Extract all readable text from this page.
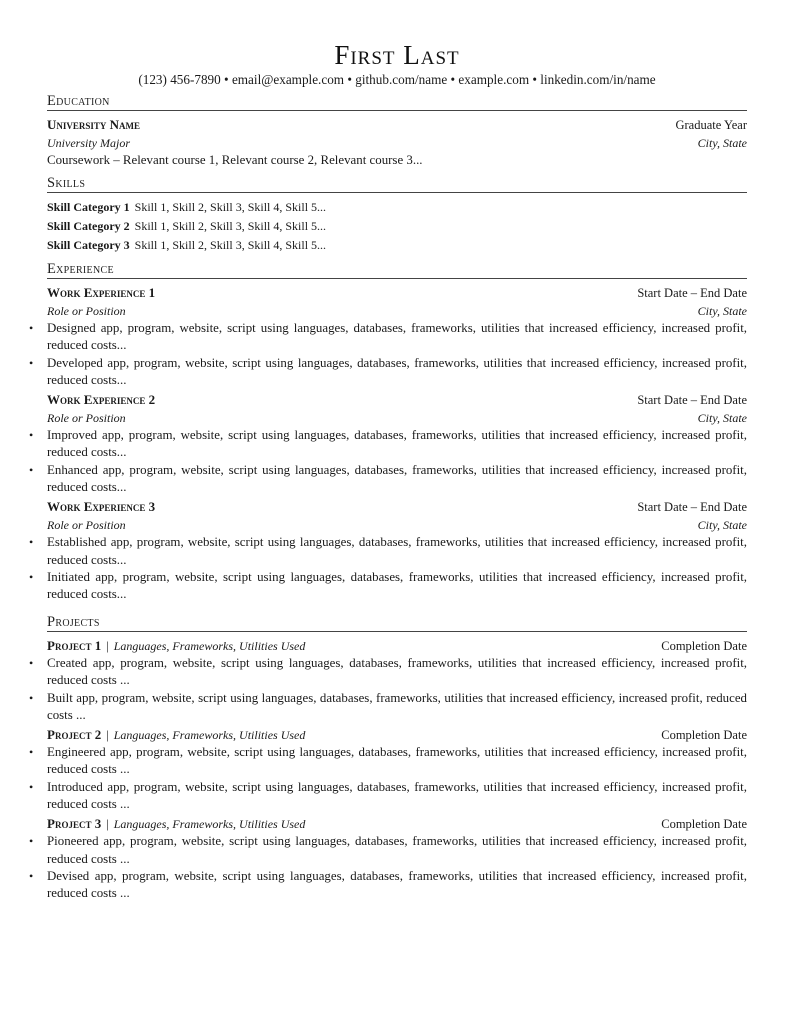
First Last
(123) 456-7890 • email@example.com • github.com/name • example.com • linkedin.com/in/name
Education
University Name	Graduate Year
University Major	City, State
Coursework – Relevant course 1, Relevant course 2, Relevant course 3...
Skills
Skill Category 1 Skill 1, Skill 2, Skill 3, Skill 4, Skill 5...
Skill Category 2 Skill 1, Skill 2, Skill 3, Skill 4, Skill 5...
Skill Category 3 Skill 1, Skill 2, Skill 3, Skill 4, Skill 5...
Experience
Work Experience 1	Start Date – End Date
Role or Position	City, State
• Designed app, program, website, script using languages, databases, frameworks, utilities that increased efficiency, increased profit, reduced costs...
• Developed app, program, website, script using languages, databases, frameworks, utilities that increased efficiency, increased profit, reduced costs...
Work Experience 2	Start Date – End Date
Role or Position	City, State
• Improved app, program, website, script using languages, databases, frameworks, utilities that increased efficiency, increased profit, reduced costs...
• Enhanced app, program, website, script using languages, databases, frameworks, utilities that increased efficiency, increased profit, reduced costs...
Work Experience 3	Start Date – End Date
Role or Position	City, State
• Established app, program, website, script using languages, databases, frameworks, utilities that increased efficiency, increased profit, reduced costs...
• Initiated app, program, website, script using languages, databases, frameworks, utilities that increased efficiency, increased profit, reduced costs...
Projects
Project 1 | Languages, Frameworks, Utilities Used	Completion Date
• Created app, program, website, script using languages, databases, frameworks, utilities that increased efficiency, increased profit, reduced costs ...
• Built app, program, website, script using languages, databases, frameworks, utilities that increased efficiency, increased profit, reduced costs ...
Project 2 | Languages, Frameworks, Utilities Used	Completion Date
• Engineered app, program, website, script using languages, databases, frameworks, utilities that increased efficiency, increased profit, reduced costs ...
• Introduced app, program, website, script using languages, databases, frameworks, utilities that increased efficiency, increased profit, reduced costs ...
Project 3 | Languages, Frameworks, Utilities Used	Completion Date
• Pioneered app, program, website, script using languages, databases, frameworks, utilities that increased efficiency, increased profit, reduced costs ...
• Devised app, program, website, script using languages, databases, frameworks, utilities that increased efficiency, increased profit, reduced costs ...
